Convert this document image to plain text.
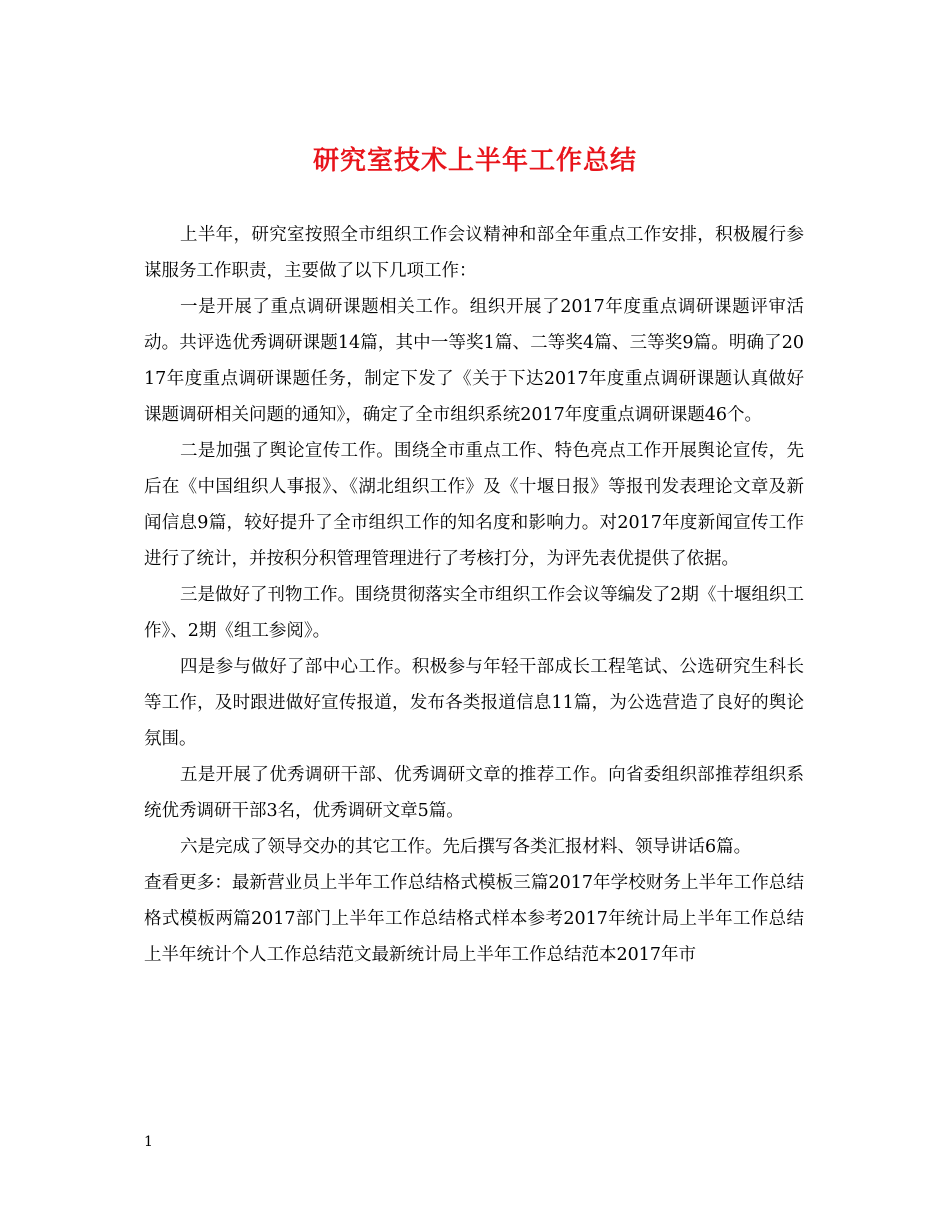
研究室技术上半年工作总结

上半年，研究室按照全市组织工作会议精神和部全年重点工作安排，积极履行参谋服务工作职责，主要做了以下几项工作：

一是开展了重点调研课题相关工作。组织开展了2017年度重点调研课题评审活动。共评选优秀调研课题14篇，其中一等奖1篇、二等奖4篇、三等奖9篇。明确了2017年度重点调研课题任务，制定下发了《关于下达2017年度重点调研课题认真做好课题调研相关问题的通知》，确定了全市组织系统2017年度重点调研课题46个。

二是加强了舆论宣传工作。围绕全市重点工作、特色亮点工作开展舆论宣传，先后在《中国组织人事报》、《湖北组织工作》及《十堰日报》等报刊发表理论文章及新闻信息9篇，较好提升了全市组织工作的知名度和影响力。对2017年度新闻宣传工作进行了统计，并按积分积管理管理进行了考核打分，为评先表优提供了依据。

三是做好了刊物工作。围绕贯彻落实全市组织工作会议等编发了2期《十堰组织工作》、2期《组工参阅》。

四是参与做好了部中心工作。积极参与年轻干部成长工程笔试、公选研究生科长等工作，及时跟进做好宣传报道，发布各类报道信息11篇，为公选营造了良好的舆论氛围。

五是开展了优秀调研干部、优秀调研文章的推荐工作。向省委组织部推荐组织系统优秀调研干部3名，优秀调研文章5篇。

六是完成了领导交办的其它工作。先后撰写各类汇报材料、领导讲话6篇。

查看更多：最新营业员上半年工作总结格式模板三篇2017年学校财务上半年工作总结格式模板两篇2017部门上半年工作总结格式样本参考2017年统计局上半年工作总结上半年统计个人工作总结范文最新统计局上半年工作总结范本2017年市

1
